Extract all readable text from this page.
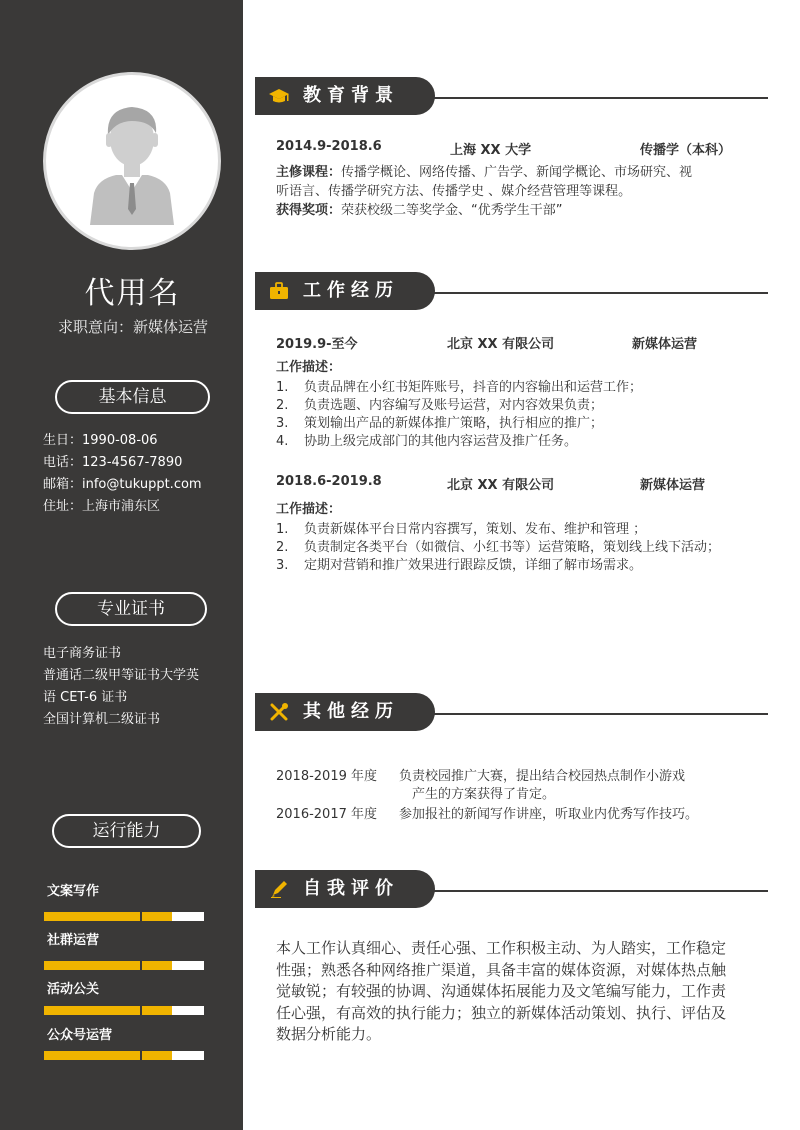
代用名
求职意向：新媒体运营
基本信息
生日：1990-08-06
电话：123-4567-7890
邮箱：info@tukuppt.com
住址：上海市浦东区
专业证书
电子商务证书
普通话二级甲等证书大学英
语 CET-6 证书
全国计算机二级证书
运行能力
文案写作
社群运营
活动公关
公众号运营
教育背景
2014.9-2018.6	上海 XX 大学	传播学（本科）
主修课程：传播学概论、网络传播、广告学、新闻学概论、市场研究、视
听语言、传播学研究方法、传播学史 、媒介经营管理等课程。
获得奖项：荣获校级二等奖学金、“优秀学生干部”
工作经历
2019.9-至今	北京 XX 有限公司	新媒体运营
工作描述：
1. 负责品牌在小红书矩阵账号，抖音的内容输出和运营工作；
2. 负责选题、内容编写及账号运营，对内容效果负责；
3. 策划输出产品的新媒体推广策略，执行相应的推广；
4. 协助上级完成部门的其他内容运营及推广任务。
2018.6-2019.8	北京 XX 有限公司	新媒体运营
工作描述：
1. 负责新媒体平台日常内容撰写，策划、发布、维护和管理 ；
2. 负责制定各类平台（如微信、小红书等）运营策略，策划线上线下活动；
3. 定期对营销和推广效果进行跟踪反馈，详细了解市场需求。
其他经历
2018-2019 年度 负责校园推广大赛，提出结合校园热点制作小游戏
产生的方案获得了肯定。
2016-2017 年度 参加报社的新闻写作讲座，听取业内优秀写作技巧。
自我评价
本人工作认真细心、责任心强、工作积极主动、为人踏实，工作稳定
性强；熟悉各种网络推广渠道，具备丰富的媒体资源，对媒体热点触
觉敏锐；有较强的协调、沟通媒体拓展能力及文笔编写能力，工作责
任心强，有高效的执行能力；独立的新媒体活动策划、执行、评估及
数据分析能力。
